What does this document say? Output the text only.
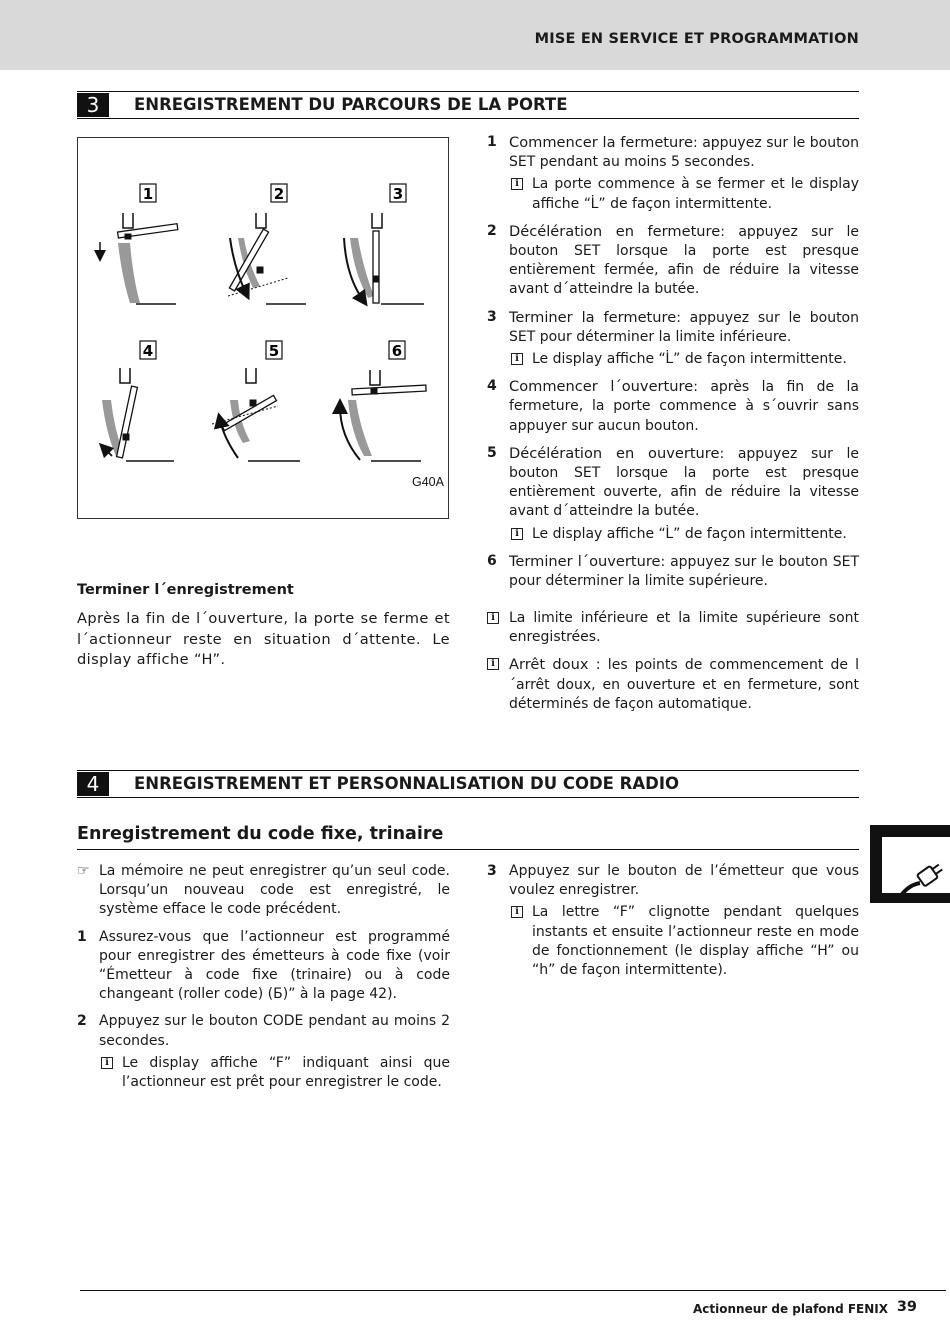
MISE EN SERVICE ET PROGRAMMATION
3	ENREGISTREMENT DU PARCOURS DE LA PORTE
1	2	3
4	5	6
G40A
1 Commencer la fermeture: appuyez sur le bouton SET pendant au moins 5 secondes.
i La porte commence à se fermer et le display affiche “L̇” de façon intermittente.
2 Décélération en fermeture: appuyez sur le bouton SET lorsque la porte est presque entièrement fermée, afin de réduire la vitesse avant d´atteindre la butée.
3 Terminer la fermeture: appuyez sur le bouton SET pour déterminer la limite inférieure.
i Le display affiche “L̇” de façon intermittente.
4 Commencer l´ouverture: après la fin de la fermeture, la porte commence à s´ouvrir sans appuyer sur aucun bouton.
5 Décélération en ouverture: appuyez sur le bouton SET lorsque la porte est presque entièrement ouverte, afin de réduire la vitesse avant d´atteindre la butée.
i Le display affiche “L̇” de façon intermittente.
6 Terminer l´ouverture: appuyez sur le bouton SET pour déterminer la limite supérieure.
Terminer l´enregistrement
Après la fin de l´ouverture, la porte se ferme et l´actionneur reste en situation d´attente. Le display affiche “H”.
i La limite inférieure et la limite supérieure sont enregistrées.
i Arrêt doux : les points de commencement de l´arrêt doux, en ouverture et en fermeture, sont déterminés de façon automatique.
4	ENREGISTREMENT ET PERSONNALISATION DU CODE RADIO
Enregistrement du code fixe, trinaire
☞ La mémoire ne peut enregistrer qu’un seul code. Lorsqu’un nouveau code est enregistré, le système efface le code précédent.
1 Assurez-vous que l’actionneur est programmé pour enregistrer des émetteurs à code fixe (voir “Émetteur à code fixe (trinaire) ou à code changeant (roller code) (Ƃ)” à la page 42).
2 Appuyez sur le bouton CODE pendant au moins 2 secondes.
i Le display affiche “F” indiquant ainsi que l’actionneur est prêt pour enregistrer le code.
3 Appuyez sur le bouton de l’émetteur que vous voulez enregistrer.
i La lettre “F” clignotte pendant quelques instants et ensuite l’actionneur reste en mode de fonctionnement (le display affiche “H” ou “h” de façon intermittente).
Actionneur de plafond FENIX 39
